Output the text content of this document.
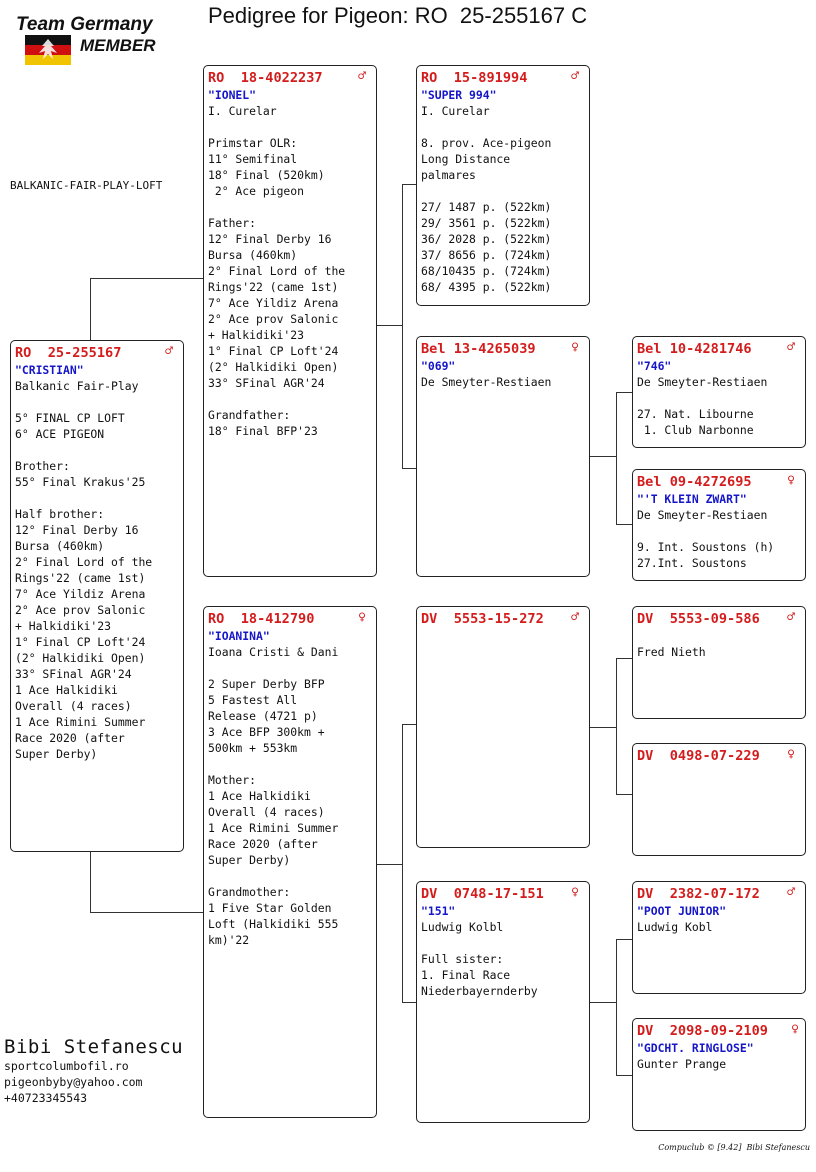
Team Germany
MEMBER
Pedigree for Pigeon: RO  25-255167 C
BALKANIC-FAIR-PLAY-LOFT
RO  25-255167	♂
"CRISTIAN"
Balkanic Fair-Play
5° FINAL CP LOFT
6° ACE PIGEON

Brother:
55° Final Krakus'25

Half brother:
12° Final Derby 16
Bursa (460km)
2° Final Lord of the
Rings'22 (came 1st)
7° Ace Yildiz Arena
2° Ace prov Salonic
+ Halkidiki'23
1° Final CP Loft'24
(2° Halkidiki Open)
33° SFinal AGR'24
1 Ace Halkidiki
Overall (4 races)
1 Ace Rimini Summer
Race 2020 (after
Super Derby)
RO  18-4022237	♂
"IONEL"
I. Curelar
Primstar OLR:
11° Semifinal
18° Final (520km)
2° Ace pigeon

Father:
12° Final Derby 16
Bursa (460km)
2° Final Lord of the
Rings'22 (came 1st)
7° Ace Yildiz Arena
2° Ace prov Salonic
+ Halkidiki'23
1° Final CP Loft'24
(2° Halkidiki Open)
33° SFinal AGR'24

Grandfather:
18° Final BFP'23
RO  18-412790	♀
"IOANINA"
Ioana Cristi & Dani
2 Super Derby BFP
5 Fastest All
Release (4721 p)
3 Ace BFP 300km +
500km + 553km

Mother:
1 Ace Halkidiki
Overall (4 races)
1 Ace Rimini Summer
Race 2020 (after
Super Derby)

Grandmother:
1 Five Star Golden
Loft (Halkidiki 555
km)'22
RO  15-891994	♂
"SUPER 994"
I. Curelar
8. prov. Ace-pigeon
Long Distance
palmares

27/ 1487 p. (522km)
29/ 3561 p. (522km)
36/ 2028 p. (522km)
37/ 8656 p. (724km)
68/10435 p. (724km)
68/ 4395 p. (522km)
Bel 13-4265039	♀
"069"
De Smeyter-Restiaen
DV  5553-15-272 ♂
DV  0748-17-151 ♀
"151"
Ludwig Kolbl
Full sister:
1. Final Race
Niederbayernderby
Bel 10-4281746	♂
"746"
De Smeyter-Restiaen
27. Nat. Libourne
1. Club Narbonne
Bel 09-4272695	♀
"'T KLEIN ZWART"
De Smeyter-Restiaen
9. Int. Soustons (h)
27.Int. Soustons
DV  5553-09-586 ♂
Fred Nieth
DV  0498-07-229 ♀
DV  2382-07-172 ♂
"POOT JUNIOR"
Ludwig Kobl
DV  2098-09-2109 ♀
"GDCHT. RINGLOSE"
Gunter Prange
Bibi Stefanescu
sportcolumbofil.ro
pigeonbyby@yahoo.com
+40723345543
Compuclub © [9.42]  Bibi Stefanescu
